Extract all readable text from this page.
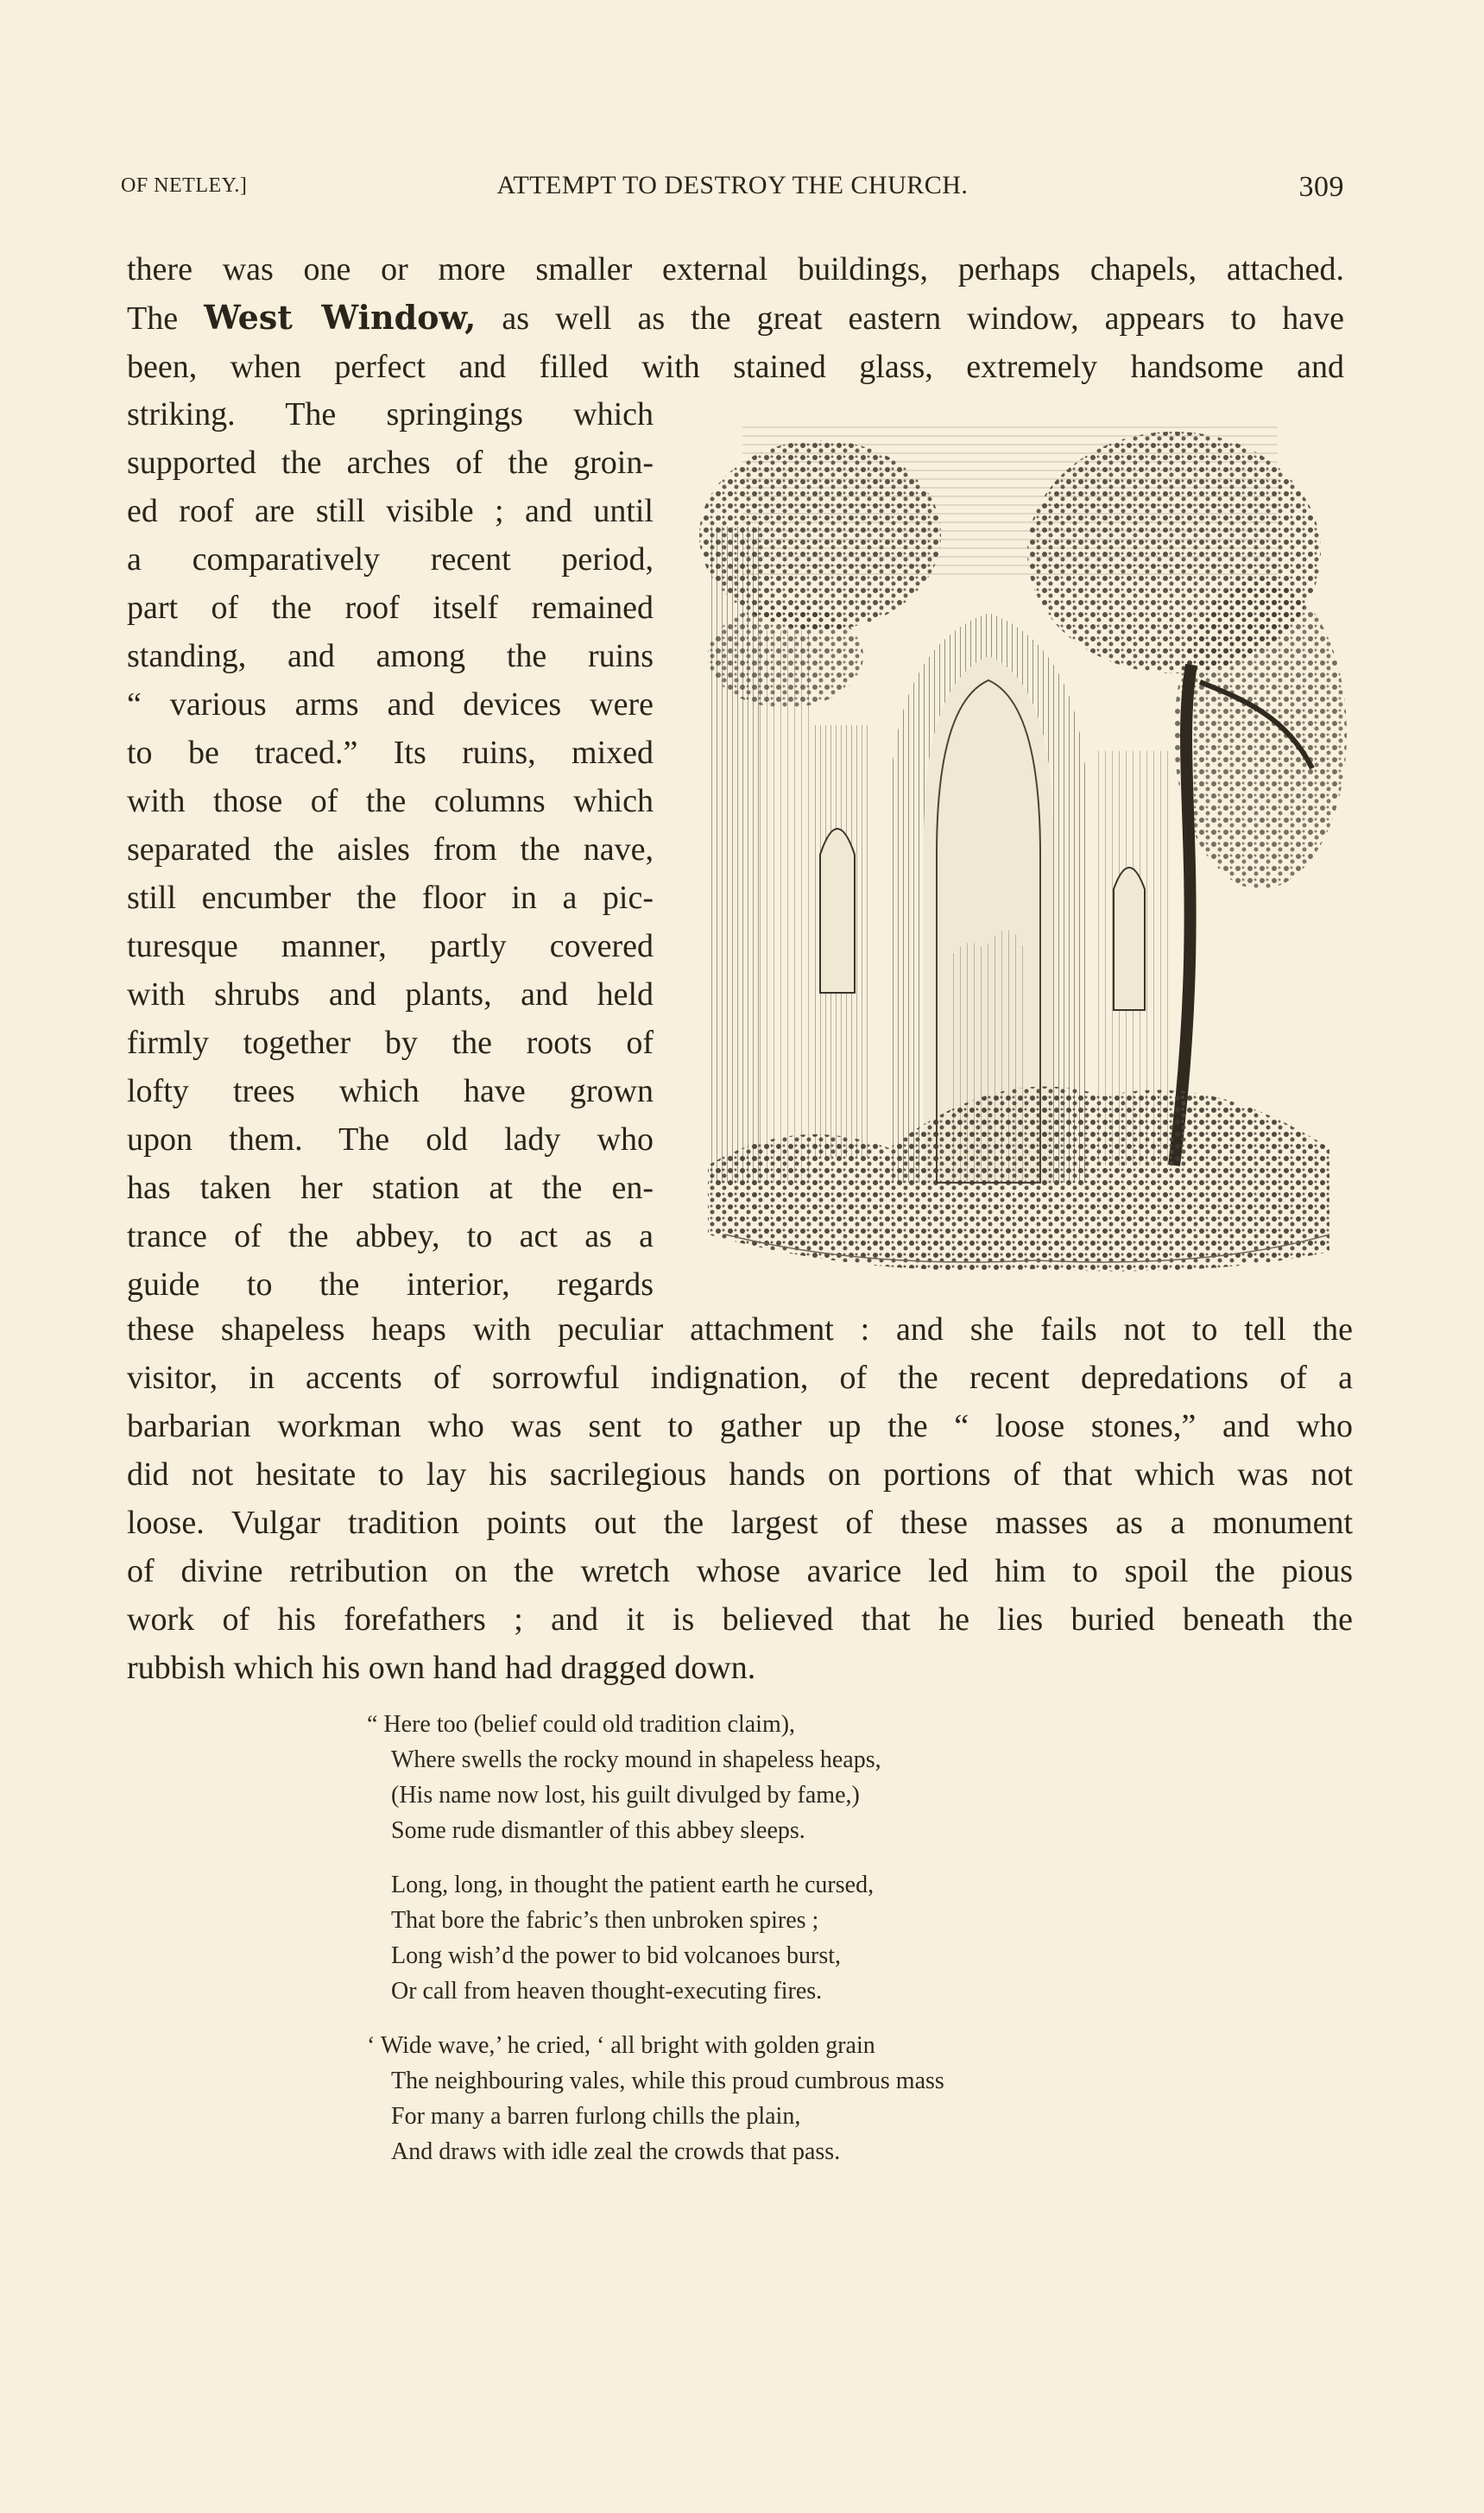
OF NETLEY.]	ATTEMPT TO DESTROY THE CHURCH.	309
there was one or more smaller external buildings, perhaps chapels, attached.
The West Window, as well as the great eastern window, appears to have
been, when perfect and filled with stained glass, extremely handsome and
striking. The springings which
supported the arches of the groin-
ed roof are still visible ; and until
a comparatively recent period,
part of the roof itself remained
standing, and among the ruins
“ various arms and devices were
to be traced.” Its ruins, mixed
with those of the columns which
separated the aisles from the nave,
still encumber the floor in a pic-
turesque manner, partly covered
with shrubs and plants, and held
firmly together by the roots of
lofty trees which have grown
upon them. The old lady who
has taken her station at the en-
trance of the abbey, to act as a
guide to the interior, regards
these shapeless heaps with peculiar attachment : and she fails not to tell the
visitor, in accents of sorrowful indignation, of the recent depredations of a
barbarian workman who was sent to gather up the “ loose stones,” and who
did not hesitate to lay his sacrilegious hands on portions of that which was not
loose. Vulgar tradition points out the largest of these masses as a monument
of divine retribution on the wretch whose avarice led him to spoil the pious
work of his forefathers ; and it is believed that he lies buried beneath the
rubbish which his own hand had dragged down.
“ Here too (belief could old tradition claim),
Where swells the rocky mound in shapeless heaps,
(His name now lost, his guilt divulged by fame,)
Some rude dismantler of this abbey sleeps.
Long, long, in thought the patient earth he cursed,
That bore the fabric’s then unbroken spires ;
Long wish’d the power to bid volcanoes burst,
Or call from heaven thought-executing fires.
‘ Wide wave,’ he cried, ‘ all bright with golden grain
The neighbouring vales, while this proud cumbrous mass
For many a barren furlong chills the plain,
And draws with idle zeal the crowds that pass.
